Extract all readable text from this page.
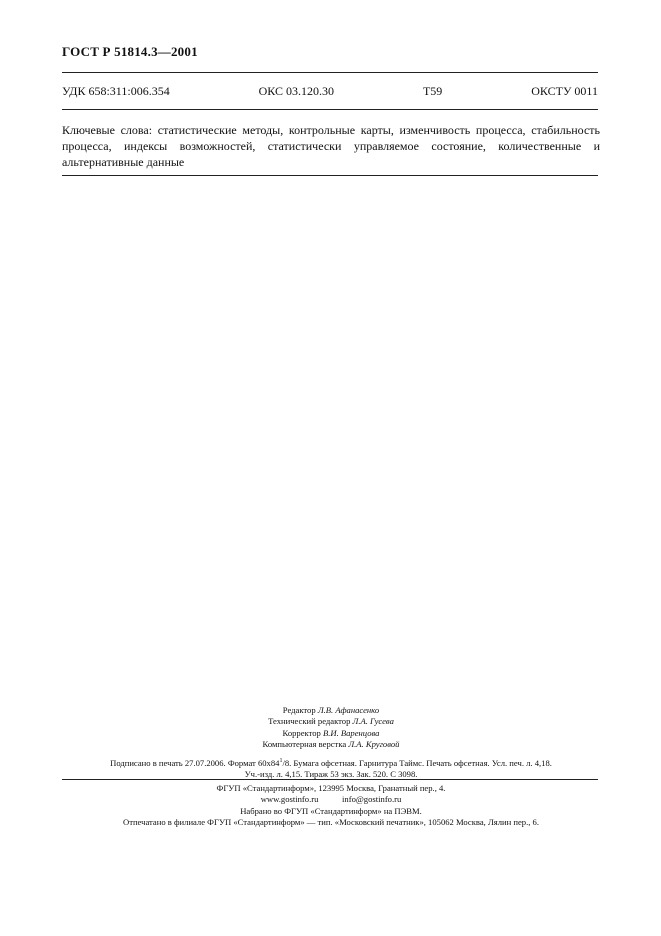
ГОСТ Р 51814.3—2001
УДК 658:311:006.354	ОКС 03.120.30	Т59	ОКСТУ 0011
Ключевые слова: статистические методы, контрольные карты, изменчивость процесса, стабильность процесса, индексы возможностей, статистически управляемое состояние, количественные и альтернативные данные
Редактор Л.В. Афанасенко
Технический редактор Л.А. Гусева
Корректор В.И. Варенцова
Компьютерная верстка Л.А. Круговой
Подписано в печать 27.07.2006. Формат $60х84^1/8$. Бумага офсетная. Гарнитура Таймс. Печать офсетная. Усл. печ. л. 4,18.
Уч.-изд. л. 4,15. Тираж 53 экз. Зак. 520. С 3098.
ФГУП «Стандартинформ», 123995 Москва, Гранатный пер., 4.
www.gostinfo.ru	info@gostinfo.ru
Набрано во ФГУП «Стандартинформ» на ПЭВМ.
Отпечатано в филиале ФГУП «Стандартинформ» — тип. «Московский печатник», 105062 Москва, Лялин пер., 6.
